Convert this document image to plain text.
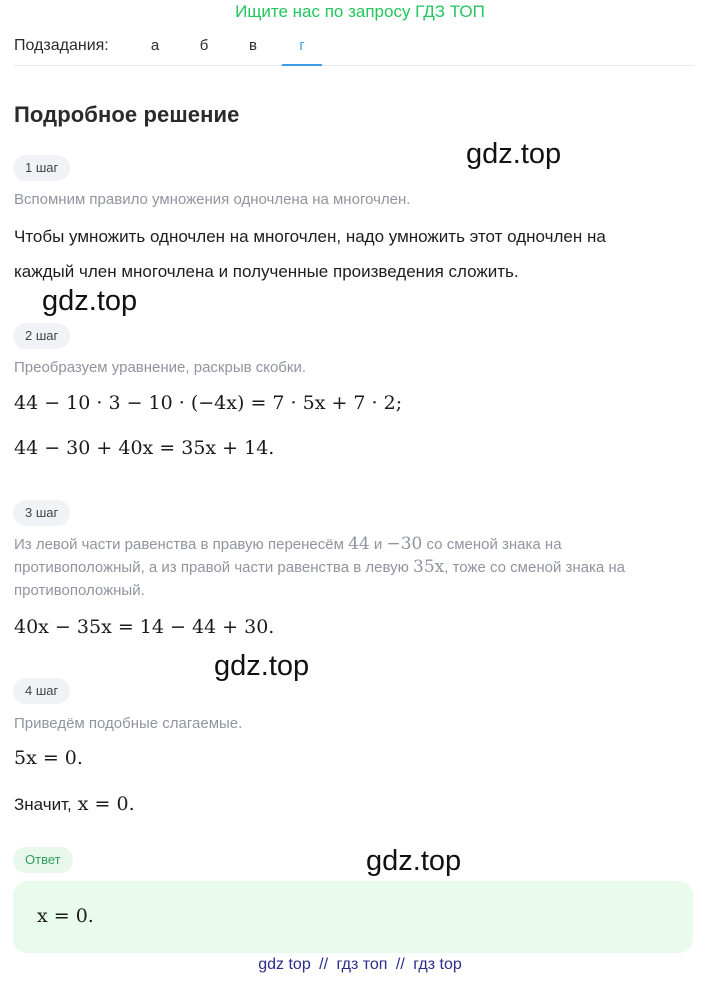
Ищите нас по запросу ГДЗ ТОП
Подзадания:	а	б	в	г
Подробное решение
gdz.top
1 шаг
Вспомним правило умножения одночлена на многочлен.
Чтобы умножить одночлен на многочлен, надо умножить этот одночлен на
каждый член многочлена и полученные произведения сложить.
gdz.top
2 шаг
Преобразуем уравнение, раскрыв скобки.
44 − 10 · 3 − 10 · (−4x) = 7 · 5x + 7 · 2;
44 − 30 + 40x = 35x + 14.
3 шаг
Из левой части равенства в правую перенесём 44 и −30 со сменой знака на
противоположный, а из правой части равенства в левую 35x, тоже со сменой знака на
противоположный.
40x − 35x = 14 − 44 + 30.
gdz.top
4 шаг
Приведём подобные слагаемые.
5x = 0.
Значит, x = 0.
Ответ	gdz.top
x = 0.
gdz top // гдз топ // гдз top
